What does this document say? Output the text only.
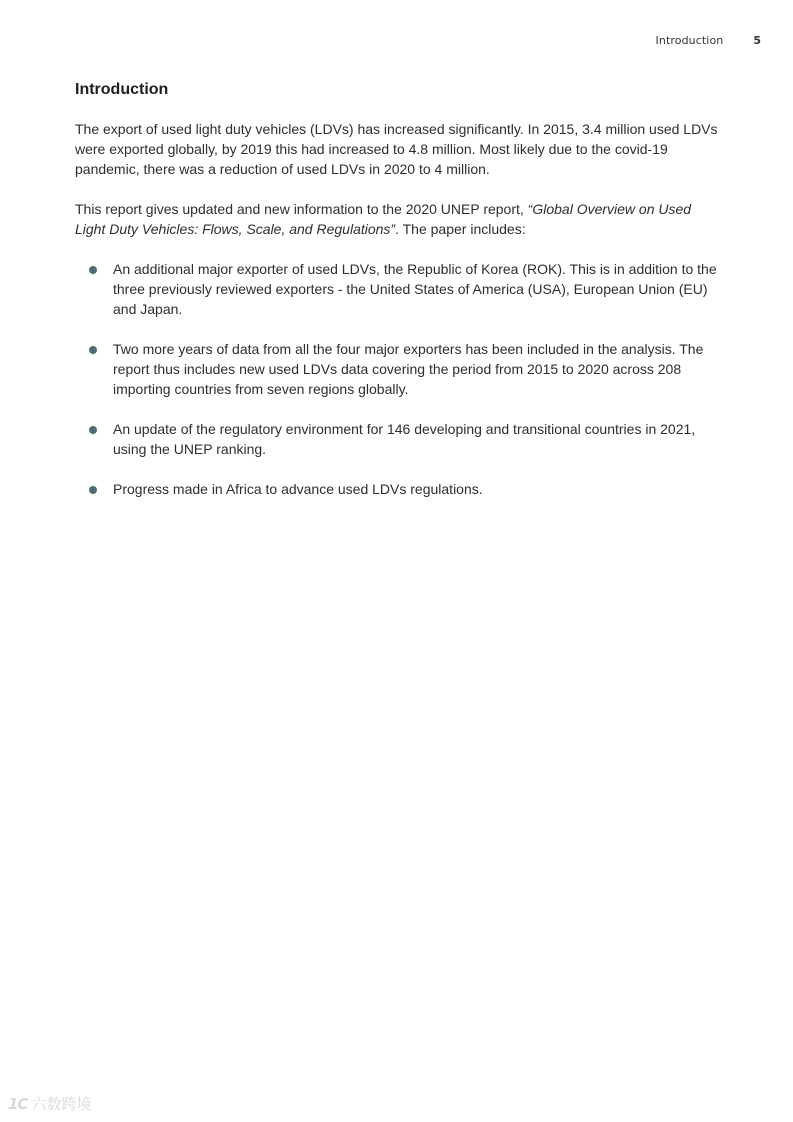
Introduction	5
Introduction

The export of used light duty vehicles (LDVs) has increased significantly. In 2015, 3.4 million used LDVs were exported globally, by 2019 this had increased to 4.8 million. Most likely due to the covid-19 pandemic, there was a reduction of used LDVs in 2020 to 4 million.

This report gives updated and new information to the 2020 UNEP report, “Global Overview on Used Light Duty Vehicles: Flows, Scale, and Regulations”. The paper includes:

An additional major exporter of used LDVs, the Republic of Korea (ROK). This is in addition to the three previously reviewed exporters - the United States of America (USA), European Union (EU) and Japan.
Two more years of data from all the four major exporters has been included in the analysis. The report thus includes new used LDVs data covering the period from 2015 to 2020 across 208 importing countries from seven regions globally.
An update of the regulatory environment for 146 developing and transitional countries in 2021, using the UNEP ranking.
Progress made in Africa to advance used LDVs regulations.
1C 六数跨境
